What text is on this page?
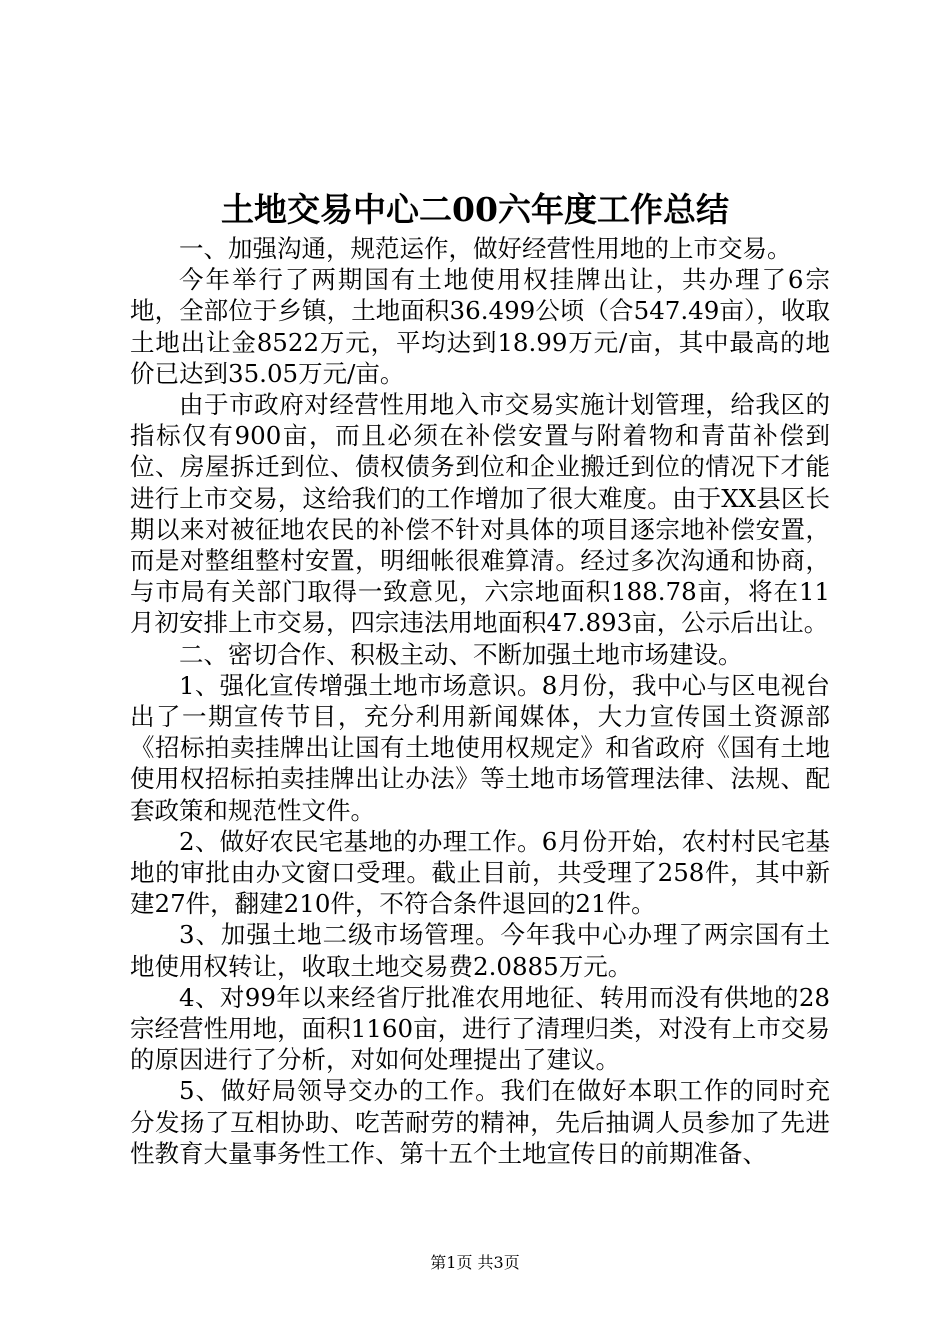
土地交易中心二00六年度工作总结

一、加强沟通，规范运作，做好经营性用地的上市交易。

今年举行了两期国有土地使用权挂牌出让，共办理了6宗地，全部位于乡镇，土地面积36.499公顷（合547.49亩），收取土地出让金8522万元，平均达到18.99万元/亩，其中最高的地价已达到35.05万元/亩。

由于市政府对经营性用地入市交易实施计划管理，给我区的指标仅有900亩，而且必须在补偿安置与附着物和青苗补偿到位、房屋拆迁到位、债权债务到位和企业搬迁到位的情况下才能进行上市交易，这给我们的工作增加了很大难度。由于XX县区长期以来对被征地农民的补偿不针对具体的项目逐宗地补偿安置，而是对整组整村安置，明细帐很难算清。经过多次沟通和协商，与市局有关部门取得一致意见，六宗地面积188.78亩，将在11月初安排上市交易，四宗违法用地面积47.893亩，公示后出让。

二、密切合作、积极主动、不断加强土地市场建设。

1、强化宣传增强土地市场意识。8月份，我中心与区电视台出了一期宣传节目，充分利用新闻媒体，大力宣传国土资源部《招标拍卖挂牌出让国有土地使用权规定》和省政府《国有土地使用权招标拍卖挂牌出让办法》等土地市场管理法律、法规、配套政策和规范性文件。

2、做好农民宅基地的办理工作。6月份开始，农村村民宅基地的审批由办文窗口受理。截止目前，共受理了258件，其中新建27件，翻建210件，不符合条件退回的21件。

3、加强土地二级市场管理。今年我中心办理了两宗国有土地使用权转让，收取土地交易费2.0885万元。

4、对99年以来经省厅批准农用地征、转用而没有供地的28宗经营性用地，面积1160亩，进行了清理归类，对没有上市交易的原因进行了分析，对如何处理提出了建议。

5、做好局领导交办的工作。我们在做好本职工作的同时充分发扬了互相协助、吃苦耐劳的精神，先后抽调人员参加了先进性教育大量事务性工作、第十五个土地宣传日的前期准备、

第1页 共3页
